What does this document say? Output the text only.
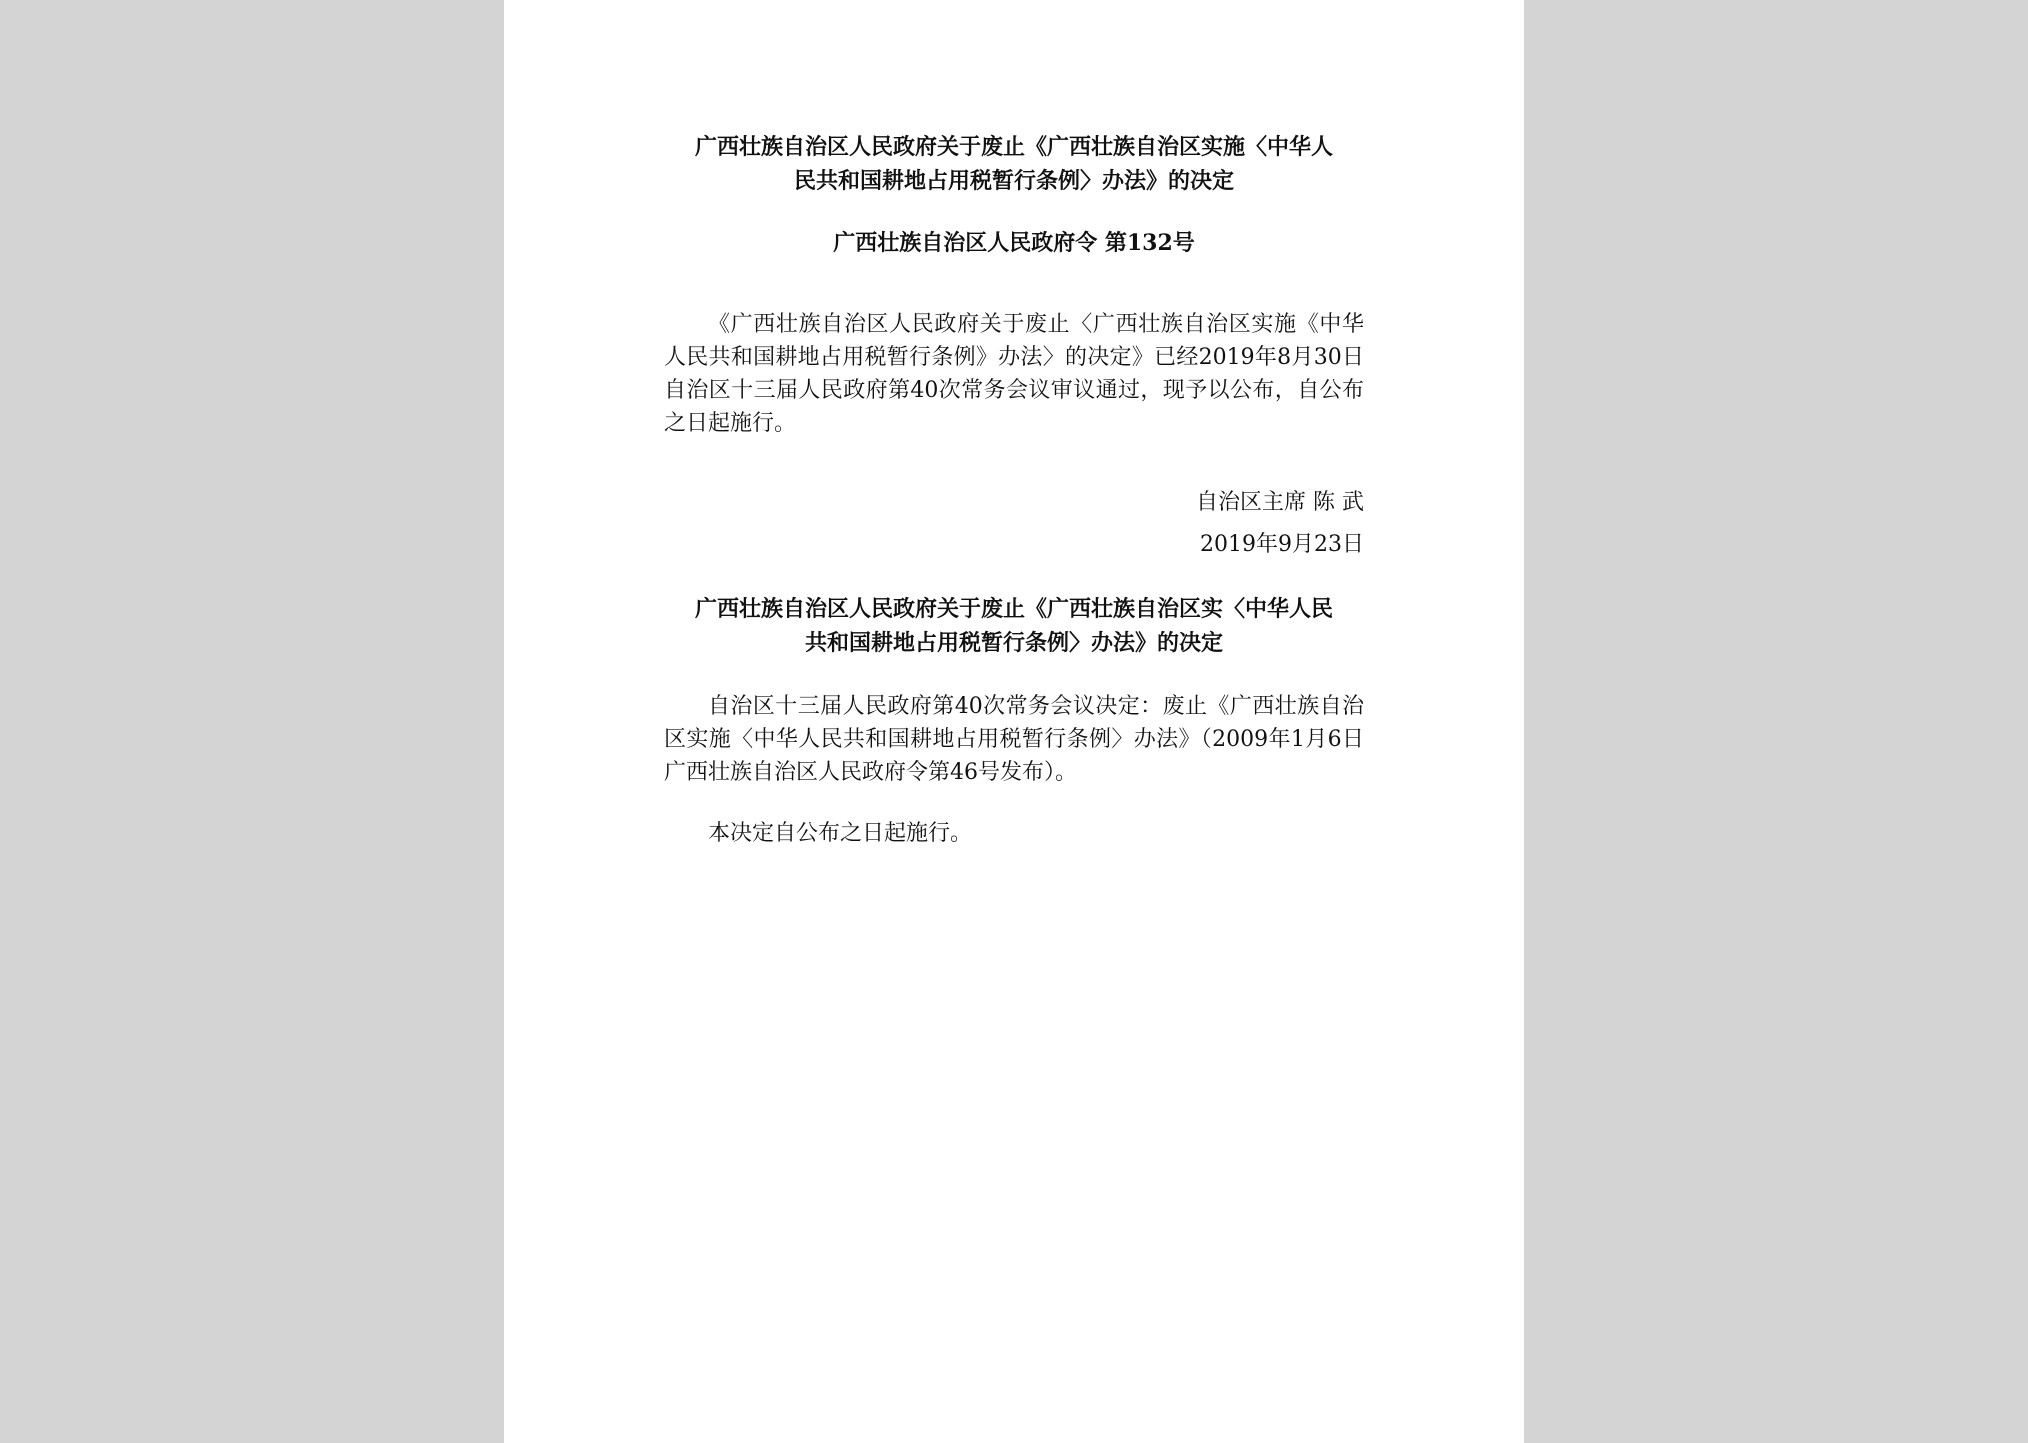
广西壮族自治区人民政府关于废止《广西壮族自治区实施〈中华人
民共和国耕地占用税暂行条例〉办法》的决定

广西壮族自治区人民政府令 第132号

《广西壮族自治区人民政府关于废止〈广西壮族自治区实施《中华人民共和国耕地占用税暂行条例》办法〉的决定》已经2019年8月30日自治区十三届人民政府第40次常务会议审议通过，现予以公布，自公布之日起施行。

自治区主席 陈 武

2019年9月23日

广西壮族自治区人民政府关于废止《广西壮族自治区实〈中华人民
共和国耕地占用税暂行条例〉办法》的决定

自治区十三届人民政府第40次常务会议决定：废止《广西壮族自治区实施〈中华人民共和国耕地占用税暂行条例〉办法》（2009年1月6日广西壮族自治区人民政府令第46号发布）。

本决定自公布之日起施行。
